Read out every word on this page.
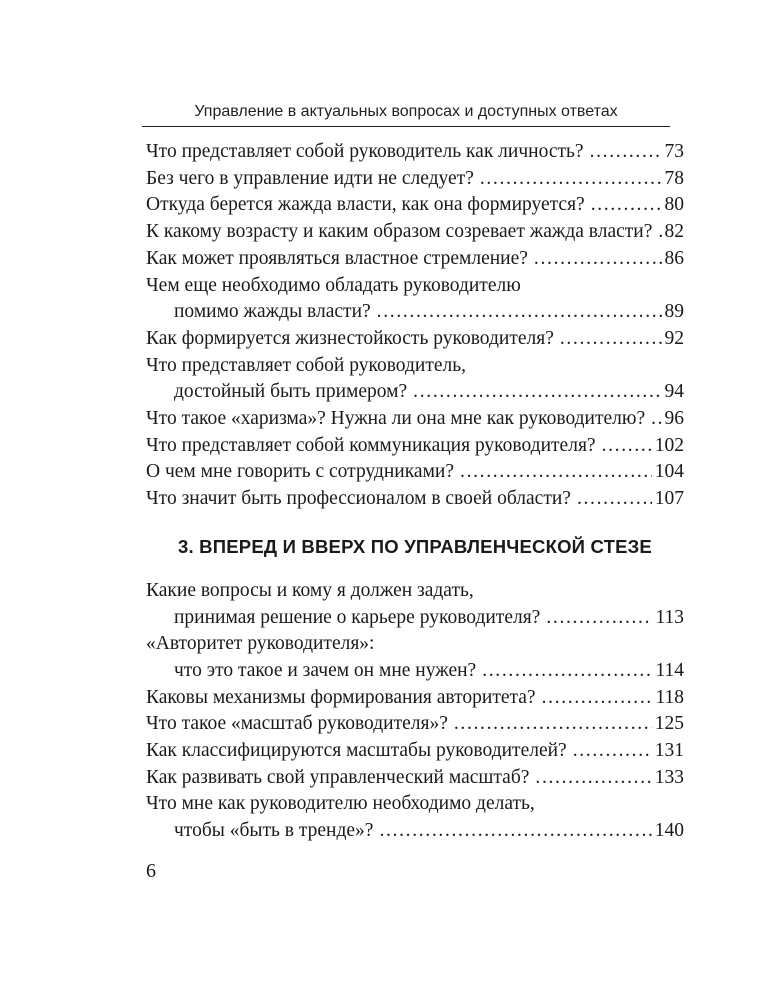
Управление в актуальных вопросах и доступных ответах
Что представляет собой руководитель как личность? . . .	73
Без чего в управление идти не следует? . . .	78
Откуда берется жажда власти, как она формируется? . . .	80
К какому возрасту и каким образом созревает жажда власти? . . . 82
Как может проявляться властное стремление? . . .	86
Чем еще необходимо обладать руководителю
помимо жажды власти? . . .	89
Как формируется жизнестойкость руководителя? . . .	92
Что представляет собой руководитель,
достойный быть примером? . . .	94
Что такое «харизма»? Нужна ли она мне как руководителю? . . . 96
Что представляет собой коммуникация руководителя? . . .	102
О чем мне говорить с сотрудниками? . . .	104
Что значит быть профессионалом в своей области? . . .	107
3. ВПЕРЕД И ВВЕРХ ПО УПРАВЛЕНЧЕСКОЙ СТЕЗЕ
Какие вопросы и кому я должен задать,
принимая решение о карьере руководителя? . . .	113
«Авторитет руководителя»:
что это такое и зачем он мне нужен? . . .	114
Каковы механизмы формирования авторитета? . . .	118
Что такое «масштаб руководителя»? . . .	125
Как классифицируются масштабы руководителей? . . .	131
Как развивать свой управленческий масштаб? . . .	133
Что мне как руководителю необходимо делать,
чтобы «быть в тренде»? . . .	140
6
